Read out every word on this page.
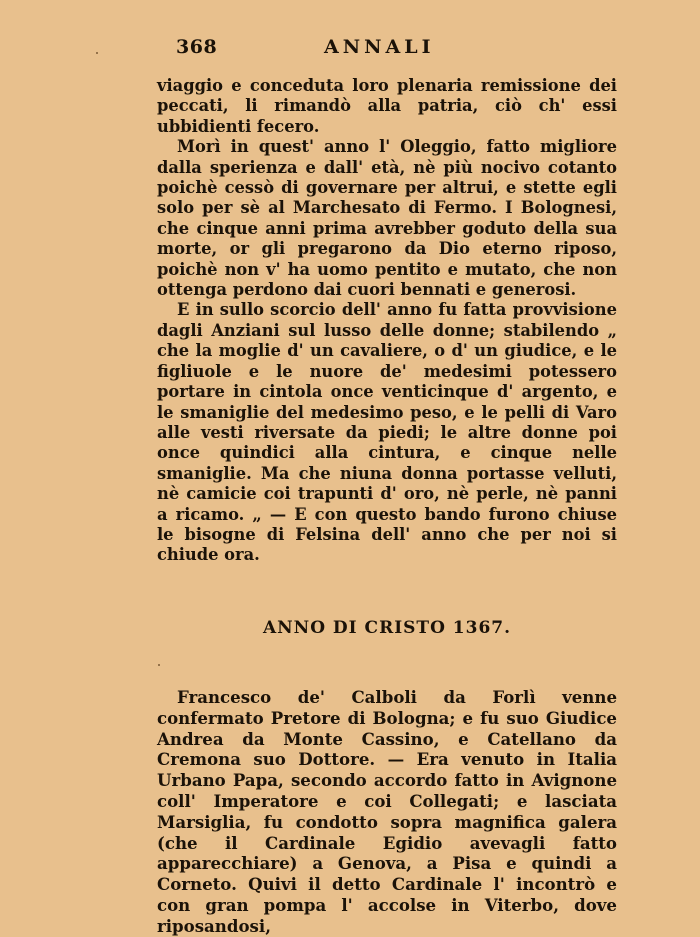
368	ANNALI

viaggio e conceduta loro plenaria remissione dei peccati, li rimandò alla patria, ciò ch' essi ubbidienti fecero.

Morì in quest' anno l' Oleggio, fatto migliore dalla sperienza e dall' età, nè più nocivo cotanto poichè cessò di governare per altrui, e stette egli solo per sè al Marchesato di Fermo. I Bolognesi, che cinque anni prima avrebber goduto della sua morte, or gli pregarono da Dio eterno riposo, poichè non v' ha uomo pentito e mutato, che non ottenga perdono dai cuori bennati e generosi.

E in sullo scorcio dell' anno fu fatta provvisione dagli Anziani sul lusso delle donne; stabilendo „ che la moglie d' un cavaliere, o d' un giudice, e le figliuole e le nuore de' medesimi potessero portare in cintola once venticinque d' argento, e le smaniglie del medesimo peso, e le pelli di Varo alle vesti riversate da piedi; le altre donne poi once quindici alla cintura, e cinque nelle smaniglie. Ma che niuna donna portasse velluti, nè camicie coi trapunti d' oro, nè perle, nè panni a ricamo. „ — E con questo bando furono chiuse le bisogne di Felsina dell' anno che per noi si chiude ora.

ANNO DI CRISTO 1367.

Francesco de' Calboli da Forlì venne confermato Pretore di Bologna; e fu suo Giudice Andrea da Monte Cassino, e Catellano da Cremona suo Dottore. — Era venuto in Italia Urbano Papa, secondo accordo fatto in Avignone coll' Imperatore e coi Collegati; e lasciata Marsiglia, fu condotto sopra magnifica galera (che il Cardinale Egidio avevagli fatto apparecchiare) a Genova, a Pisa e quindi a Corneto. Quivi il detto Cardinale l' incontrò e con gran pompa l' accolse in Viterbo, dove riposandosi,
